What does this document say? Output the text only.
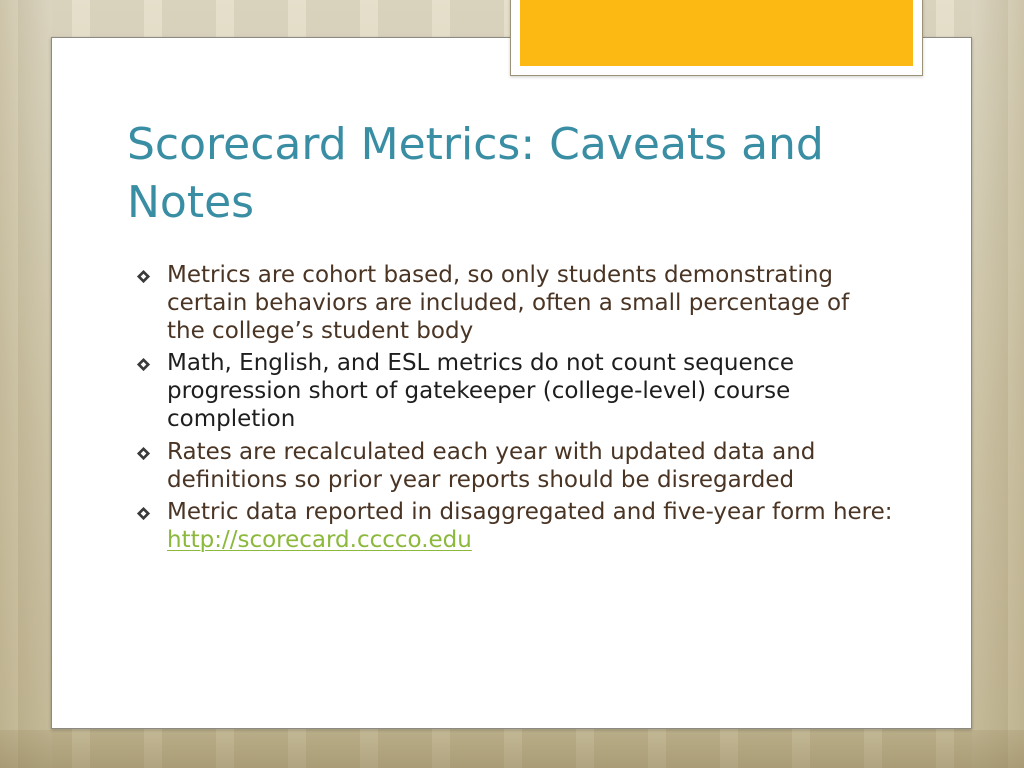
Scorecard Metrics: Caveats and Notes
Metrics are cohort based, so only students demonstrating certain behaviors are included, often a small percentage of the college’s student body
Math, English, and ESL metrics do not count sequence progression short of gatekeeper (college-level) course completion
Rates are recalculated each year with updated data and definitions so prior year reports should be disregarded
Metric data reported in disaggregated and five-year form here:  http://scorecard.cccco.edu
